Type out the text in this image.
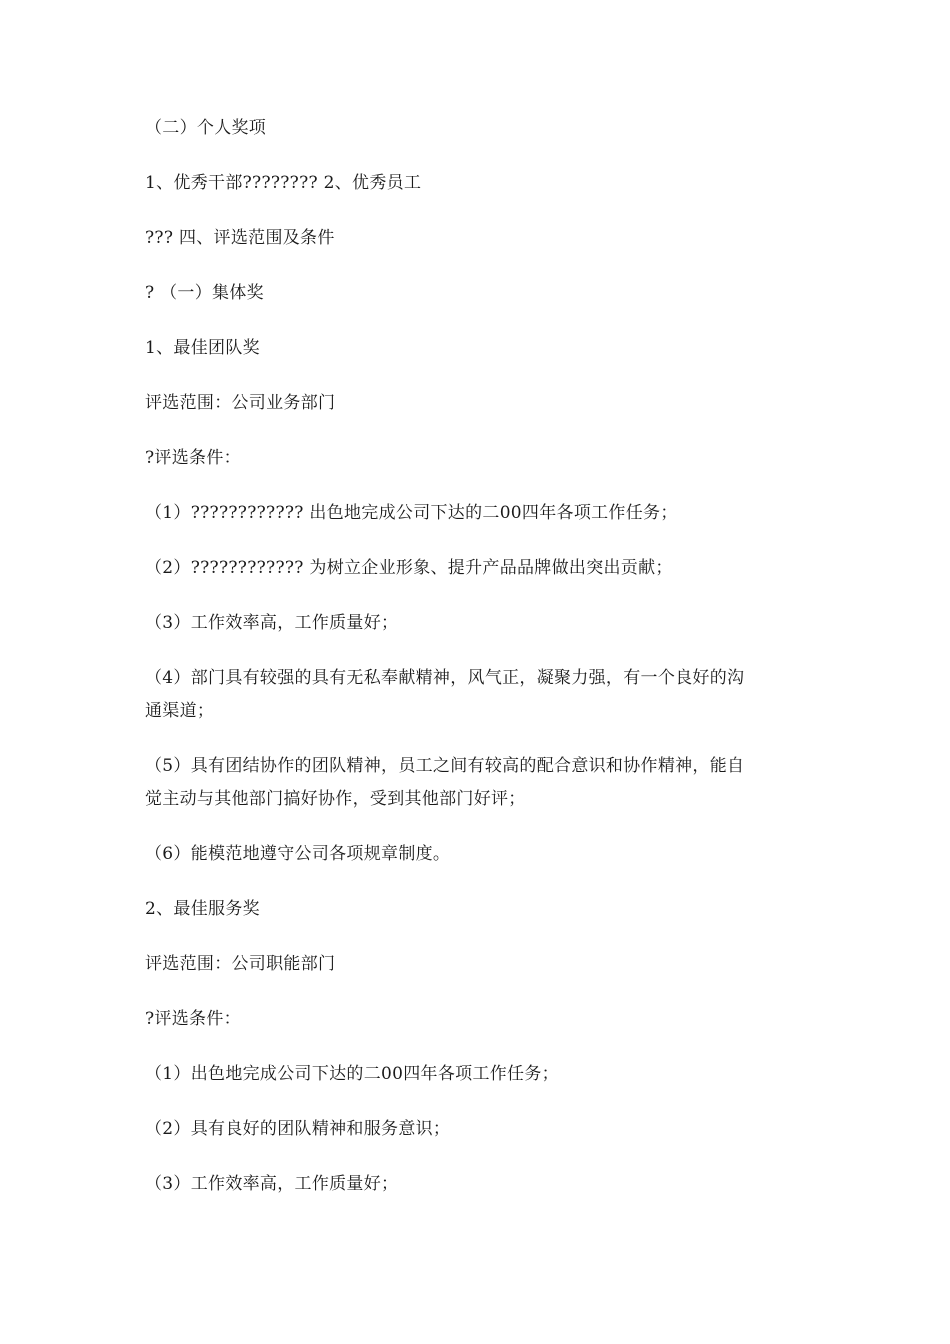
（二）个人奖项

1、优秀干部???????? 2、优秀员工

??? 四、评选范围及条件

? （一）集体奖

1、最佳团队奖

评选范围：公司业务部门

?评选条件：

（1）???????????? 出色地完成公司下达的二00四年各项工作任务；

（2）???????????? 为树立企业形象、提升产品品牌做出突出贡献；

（3）工作效率高，工作质量好；

（4）部门具有较强的具有无私奉献精神，风气正，凝聚力强，有一个良好的沟

通渠道；

（5）具有团结协作的团队精神，员工之间有较高的配合意识和协作精神，能自

觉主动与其他部门搞好协作，受到其他部门好评；

（6）能模范地遵守公司各项规章制度。

2、最佳服务奖

评选范围：公司职能部门

?评选条件：

（1）出色地完成公司下达的二00四年各项工作任务；

（2）具有良好的团队精神和服务意识；

（3）工作效率高，工作质量好；
